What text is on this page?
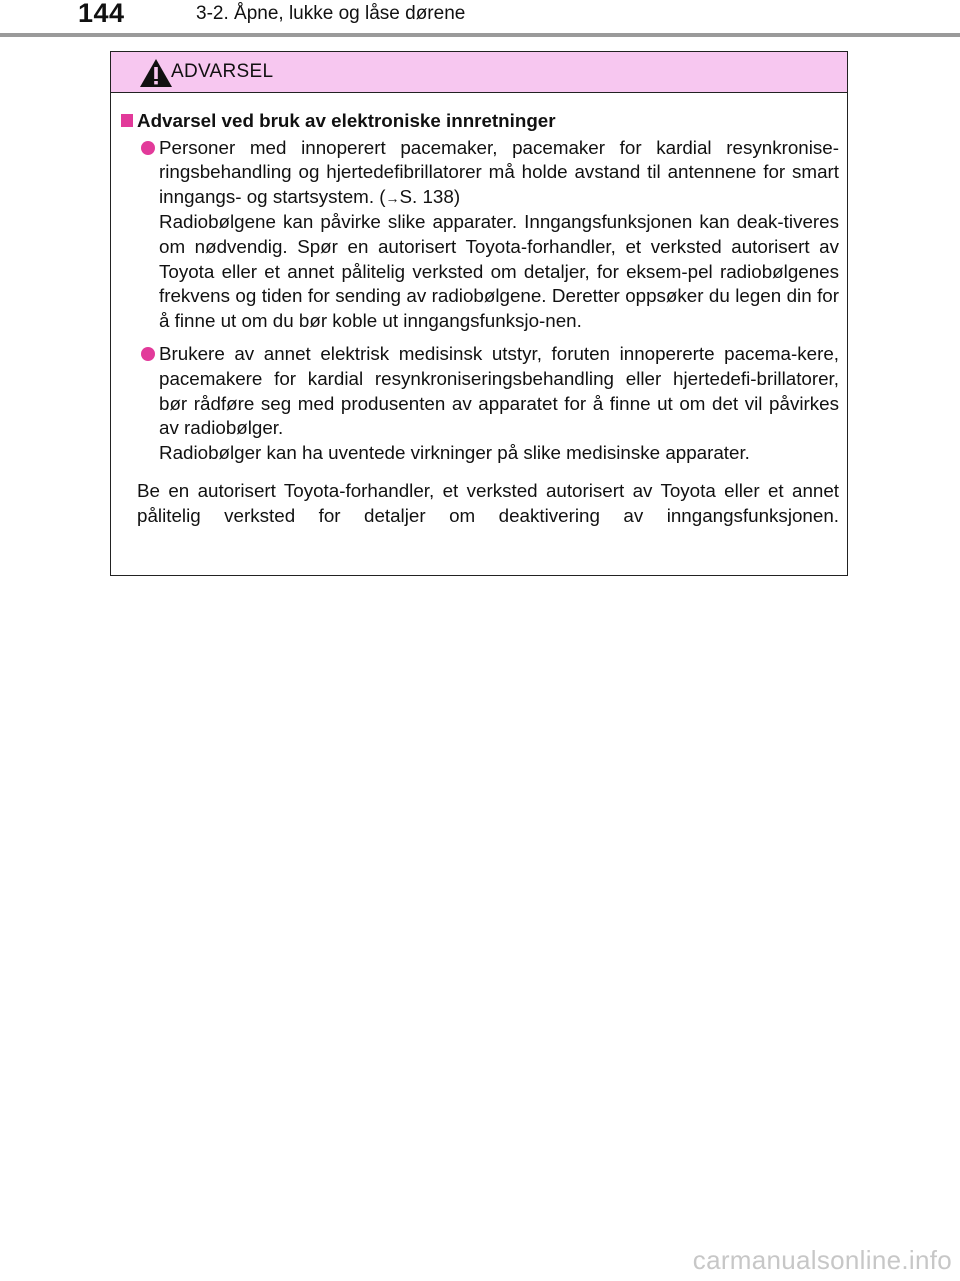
144	3-2. Åpne, lukke og låse dørene
ADVARSEL
Advarsel ved bruk av elektroniske innretninger
Personer med innoperert pacemaker, pacemaker for kardial resynkronise-ringsbehandling og hjertedefibrillatorer må holde avstand til antennene for smart inngangs- og startsystem. (→S. 138)
Radiobølgene kan påvirke slike apparater. Inngangsfunksjonen kan deak-tiveres om nødvendig. Spør en autorisert Toyota-forhandler, et verksted autorisert av Toyota eller et annet pålitelig verksted om detaljer, for eksem-pel radiobølgenes frekvens og tiden for sending av radiobølgene. Deretter oppsøker du legen din for å finne ut om du bør koble ut inngangsfunksjo-nen.
Brukere av annet elektrisk medisinsk utstyr, foruten innopererte pacema-kere, pacemakere for kardial resynkroniseringsbehandling eller hjertedefi-brillatorer, bør rådføre seg med produsenten av apparatet for å finne ut om det vil påvirkes av radiobølger.
Radiobølger kan ha uventede virkninger på slike medisinske apparater.
Be en autorisert Toyota-forhandler, et verksted autorisert av Toyota eller et annet pålitelig verksted for detaljer om deaktivering av inngangsfunksjonen.
carmanualsonline.info
